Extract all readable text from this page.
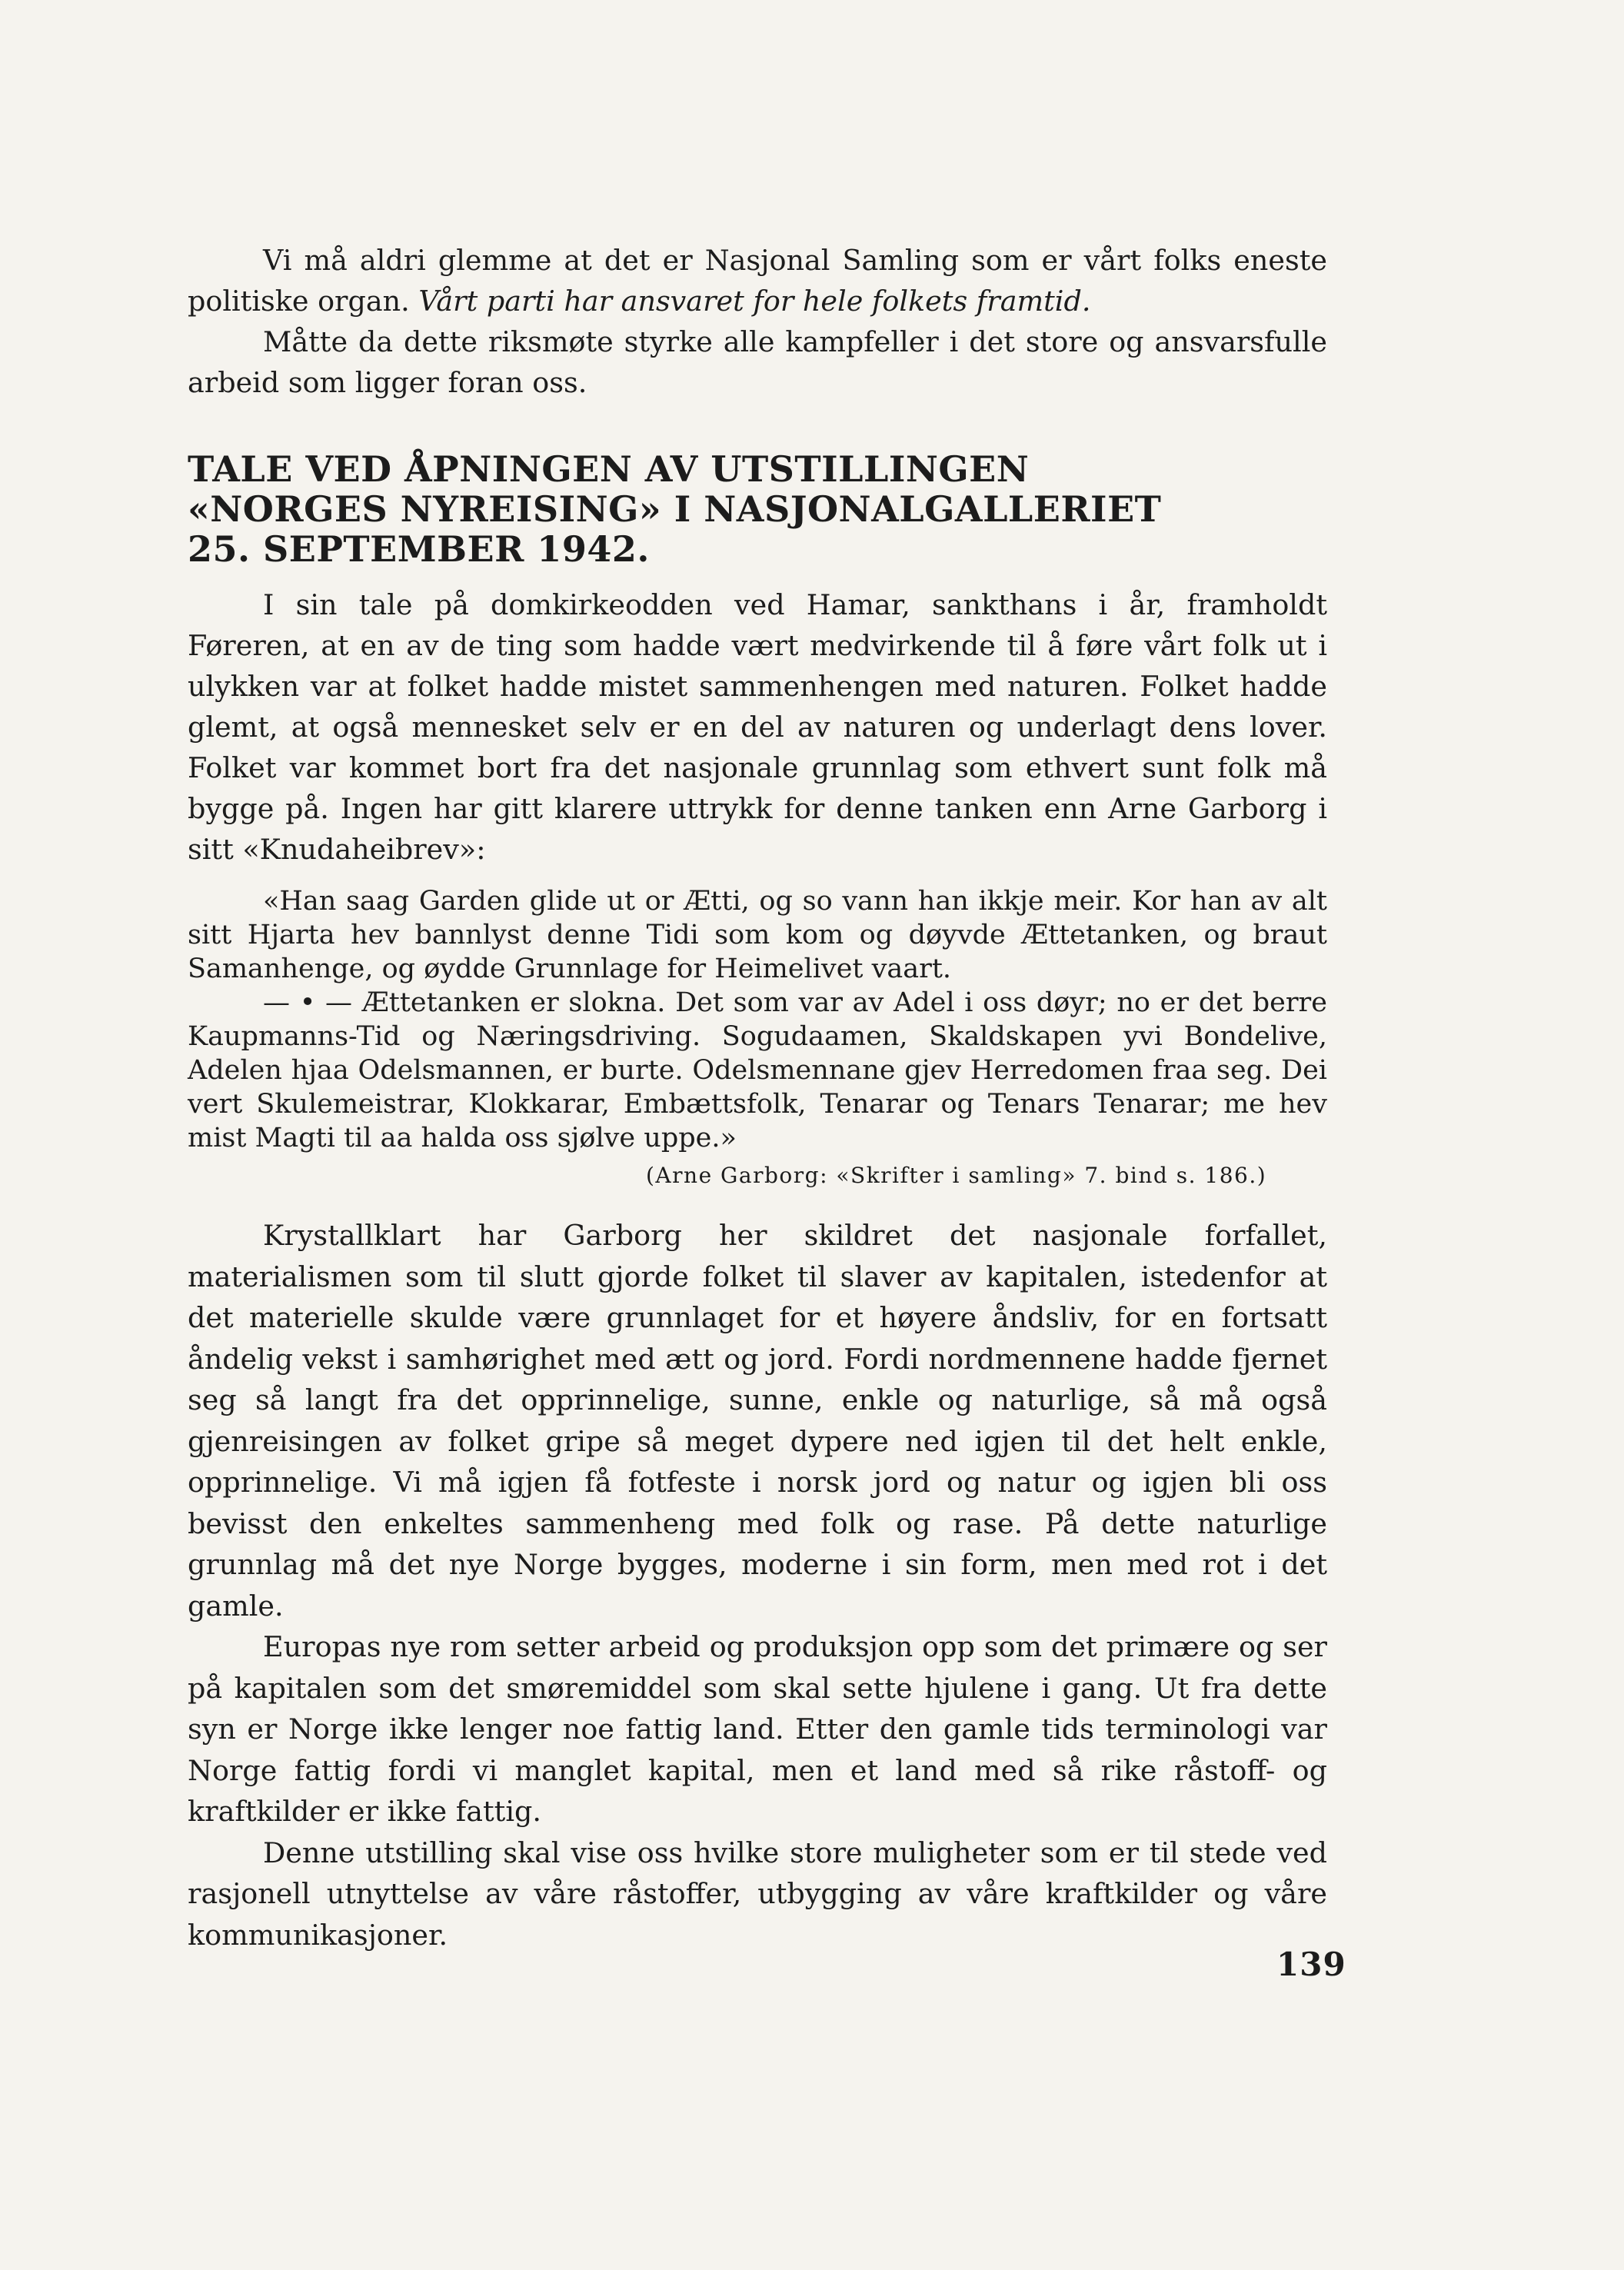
Vi må aldri glemme at det er Nasjonal Samling som er vårt folks eneste politiske organ. Vårt parti har ansvaret for hele folkets framtid.

Måtte da dette riksmøte styrke alle kampfeller i det store og ansvarsfulle arbeid som ligger foran oss.

TALE VED ÅPNINGEN AV UTSTILLINGEN
«NORGES NYREISING» I NASJONALGALLERIET
25. SEPTEMBER 1942.

I sin tale på domkirkeodden ved Hamar, sankthans i år, framholdt Føreren, at en av de ting som hadde vært medvirkende til å føre vårt folk ut i ulykken var at folket hadde mistet sammenhengen med naturen. Folket hadde glemt, at også mennesket selv er en del av naturen og underlagt dens lover. Folket var kommet bort fra det nasjonale grunnlag som ethvert sunt folk må bygge på. Ingen har gitt klarere uttrykk for denne tanken enn Arne Garborg i sitt «Knudaheibrev»:

«Han saag Garden glide ut or Ætti, og so vann han ikkje meir. Kor han av alt sitt Hjarta hev bannlyst denne Tidi som kom og døyvde Ættetanken, og braut Samanhenge, og øydde Grunnlage for Heimelivet vaart.

— • — Ættetanken er slokna. Det som var av Adel i oss døyr; no er det berre Kaupmanns-Tid og Næringsdriving. Sogudaamen, Skaldskapen yvi Bondelive, Adelen hjaa Odelsmannen, er burte. Odelsmennane gjev Herredomen fraa seg. Dei vert Skulemeistrar, Klokkarar, Embættsfolk, Tenarar og Tenars Tenarar; me hev mist Magti til aa halda oss sjølve uppe.»

(Arne Garborg: «Skrifter i samling» 7. bind s. 186.)

Krystallklart har Garborg her skildret det nasjonale forfallet, materialismen som til slutt gjorde folket til slaver av kapitalen, istedenfor at det materielle skulde være grunnlaget for et høyere åndsliv, for en fortsatt åndelig vekst i samhørighet med ætt og jord. Fordi nordmennene hadde fjernet seg så langt fra det opprinnelige, sunne, enkle og naturlige, så må også gjenreisingen av folket gripe så meget dypere ned igjen til det helt enkle, opprinnelige. Vi må igjen få fotfeste i norsk jord og natur og igjen bli oss bevisst den enkeltes sammenheng med folk og rase. På dette naturlige grunnlag må det nye Norge bygges, moderne i sin form, men med rot i det gamle.

Europas nye rom setter arbeid og produksjon opp som det primære og ser på kapitalen som det smøremiddel som skal sette hjulene i gang. Ut fra dette syn er Norge ikke lenger noe fattig land. Etter den gamle tids terminologi var Norge fattig fordi vi manglet kapital, men et land med så rike råstoff- og kraftkilder er ikke fattig.

Denne utstilling skal vise oss hvilke store muligheter som er til stede ved rasjonell utnyttelse av våre råstoffer, utbygging av våre kraftkilder og våre kommunikasjoner.

139
